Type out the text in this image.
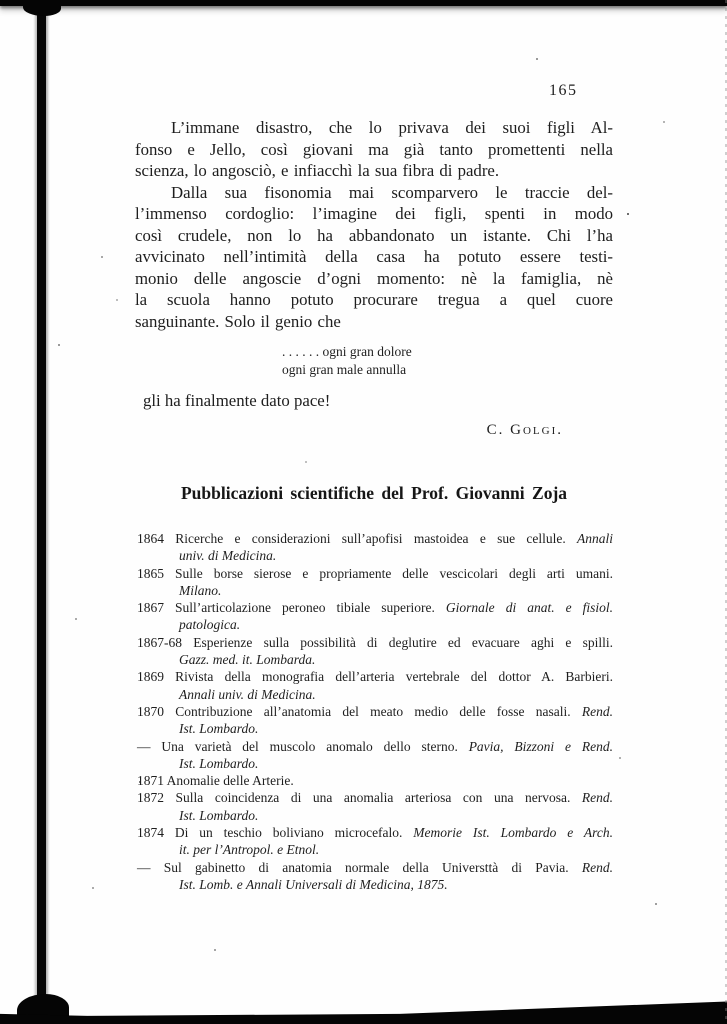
165
L’immane disastro, che lo privava dei suoi figli Al-
fonso e Jello, così giovani ma già tanto promettenti nella
scienza, lo angosciò, e infiacchì la sua fibra di padre.
Dalla sua fisonomia mai scomparvero le traccie del-
l’immenso cordoglio: l’imagine dei figli, spenti in modo
così crudele, non lo ha abbandonato un istante. Chi l’ha
avvicinato nell’intimità della casa ha potuto essere testi-
monio delle angoscie d’ogni momento: nè la famiglia, nè
la scuola hanno potuto procurare tregua a quel cuore
sanguinante. Solo il genio che
. . . . . . ogni gran dolore
ogni gran male annulla
gli ha finalmente dato pace!
C. Golgi.
Pubblicazioni scientifiche del Prof. Giovanni Zoja
1864 Ricerche e considerazioni sull’apofisi mastoidea e sue cellule. Annali
univ. di Medicina.
1865 Sulle borse sierose e propriamente delle vescicolari degli arti umani.
Milano.
1867 Sull’articolazione peroneo tibiale superiore. Giornale di anat. e fisiol.
patologica.
1867-68 Esperienze sulla possibilità di deglutire ed evacuare aghi e spilli.
Gazz. med. it. Lombarda.
1869 Rivista della monografia dell’arteria vertebrale del dottor A. Barbieri.
Annali univ. di Medicina.
1870 Contribuzione all’anatomia del meato medio delle fosse nasali. Rend.
Ist. Lombardo.
— Una varietà del muscolo anomalo dello sterno. Pavia, Bizzoni e Rend.
Ist. Lombardo.
1871 Anomalie delle Arterie.
1872 Sulla coincidenza di una anomalia arteriosa con una nervosa. Rend.
Ist. Lombardo.
1874 Di un teschio boliviano microcefalo. Memorie Ist. Lombardo e Arch.
it. per l’Antropol. e Etnol.
— Sul gabinetto di anatomia normale della Universttà di Pavia. Rend.
Ist. Lomb. e Annali Universali di Medicina, 1875.
